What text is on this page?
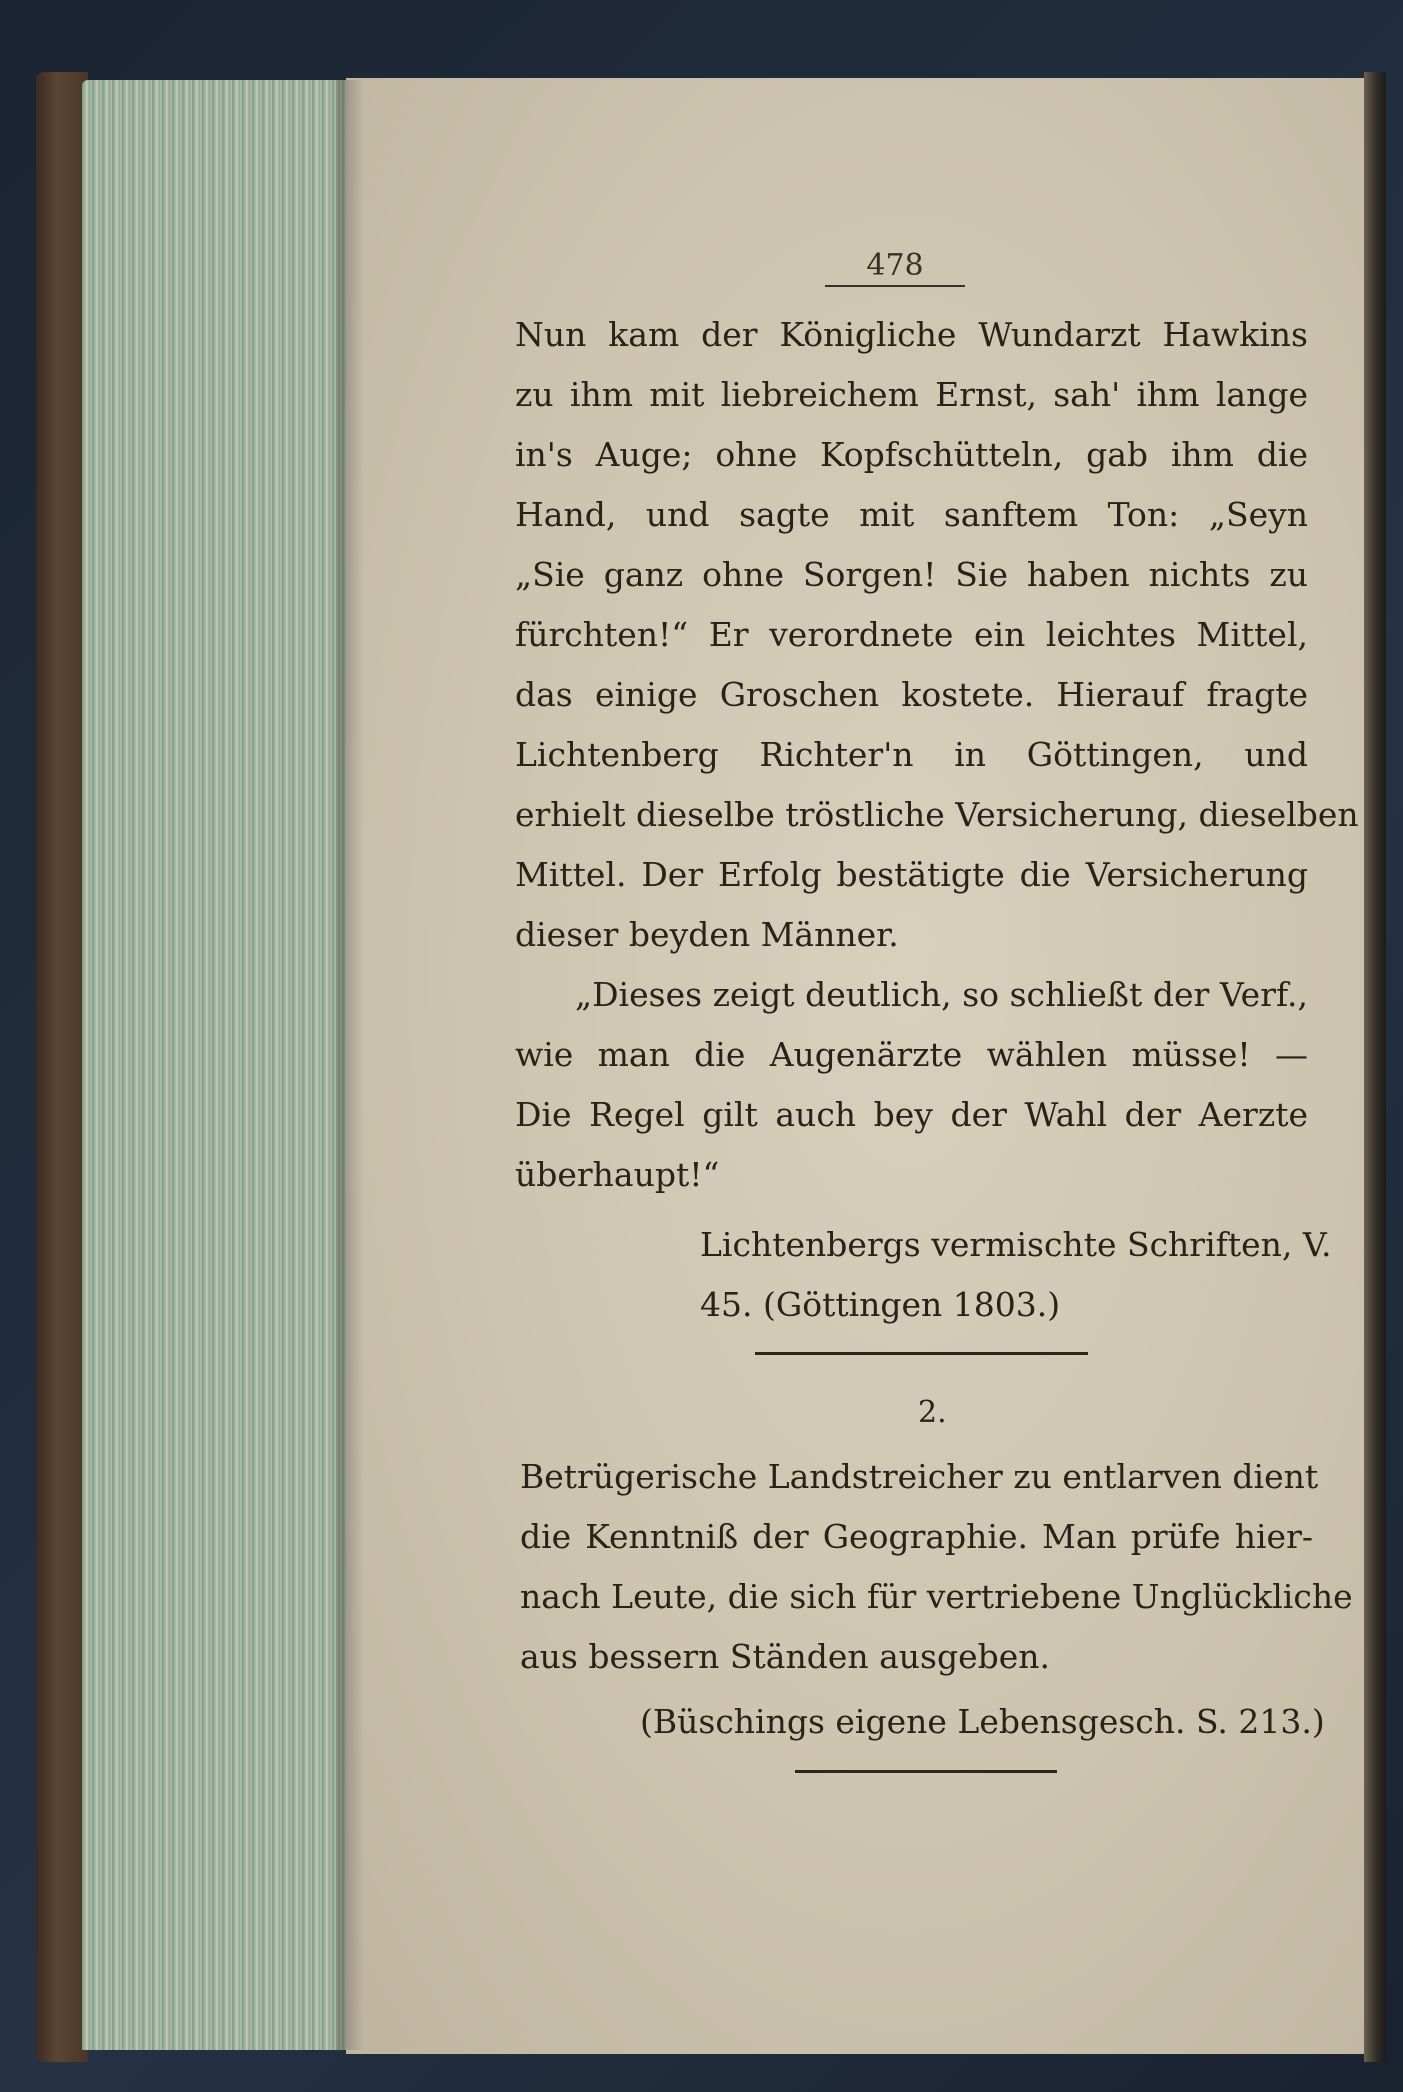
478
Nun kam der Königliche Wundarzt Hawkins
zu ihm mit liebreichem Ernst, sah' ihm lange
in's Auge; ohne Kopfschütteln, gab ihm die
Hand, und sagte mit sanftem Ton: „Seyn
„Sie ganz ohne Sorgen! Sie haben nichts zu
fürchten!“ Er verordnete ein leichtes Mittel,
das einige Groschen kostete. Hierauf fragte
Lichtenberg Richter'n in Göttingen, und
erhielt dieselbe tröstliche Versicherung, dieselben
Mittel. Der Erfolg bestätigte die Versicherung
dieser beyden Männer.
„Dieses zeigt deutlich, so schließt der Verf.,
wie man die Augenärzte wählen müsse! —
Die Regel gilt auch bey der Wahl der Aerzte
überhaupt!“
Lichtenbergs vermischte Schriften, V.
45. (Göttingen 1803.)
2.
Betrügerische Landstreicher zu entlarven dient
die Kenntniß der Geographie. Man prüfe hier-
nach Leute, die sich für vertriebene Unglückliche
aus bessern Ständen ausgeben.
(Büschings eigene Lebensgesch. S. 213.)
